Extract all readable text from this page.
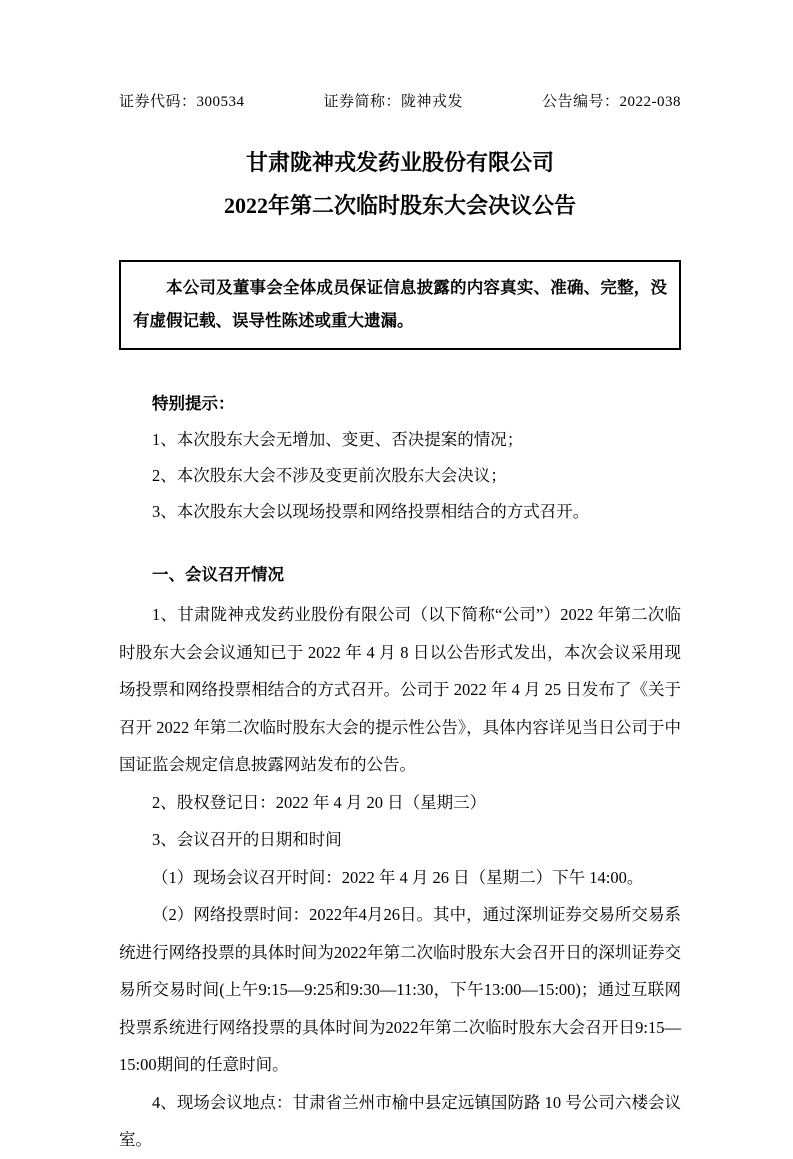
证券代码：300534	证券简称：陇神戎发	公告编号：2022-038
甘肃陇神戎发药业股份有限公司
2022年第二次临时股东大会决议公告

本公司及董事会全体成员保证信息披露的内容真实、准确、完整，没有虚假记载、误导性陈述或重大遗漏。

特别提示：

1、本次股东大会无增加、变更、否决提案的情况；

2、本次股东大会不涉及变更前次股东大会决议；

3、本次股东大会以现场投票和网络投票相结合的方式召开。

一、会议召开情况

1、甘肃陇神戎发药业股份有限公司（以下简称“公司”）2022 年第二次临时股东大会会议通知已于 2022 年 4 月 8 日以公告形式发出，本次会议采用现场投票和网络投票相结合的方式召开。公司于 2022 年 4 月 25 日发布了《关于召开 2022 年第二次临时股东大会的提示性公告》，具体内容详见当日公司于中国证监会规定信息披露网站发布的公告。

2、股权登记日：2022 年 4 月 20 日（星期三）

3、会议召开的日期和时间

（1）现场会议召开时间：2022 年 4 月 26 日（星期二）下午 14:00。

（2）网络投票时间：2022年4月26日。其中，通过深圳证券交易所交易系统进行网络投票的具体时间为2022年第二次临时股东大会召开日的深圳证券交易所交易时间(上午9:15—9:25和9:30—11:30，下午13:00—15:00)；通过互联网投票系统进行网络投票的具体时间为2022年第二次临时股东大会召开日9:15—15:00期间的任意时间。

4、现场会议地点：甘肃省兰州市榆中县定远镇国防路 10 号公司六楼会议室。
